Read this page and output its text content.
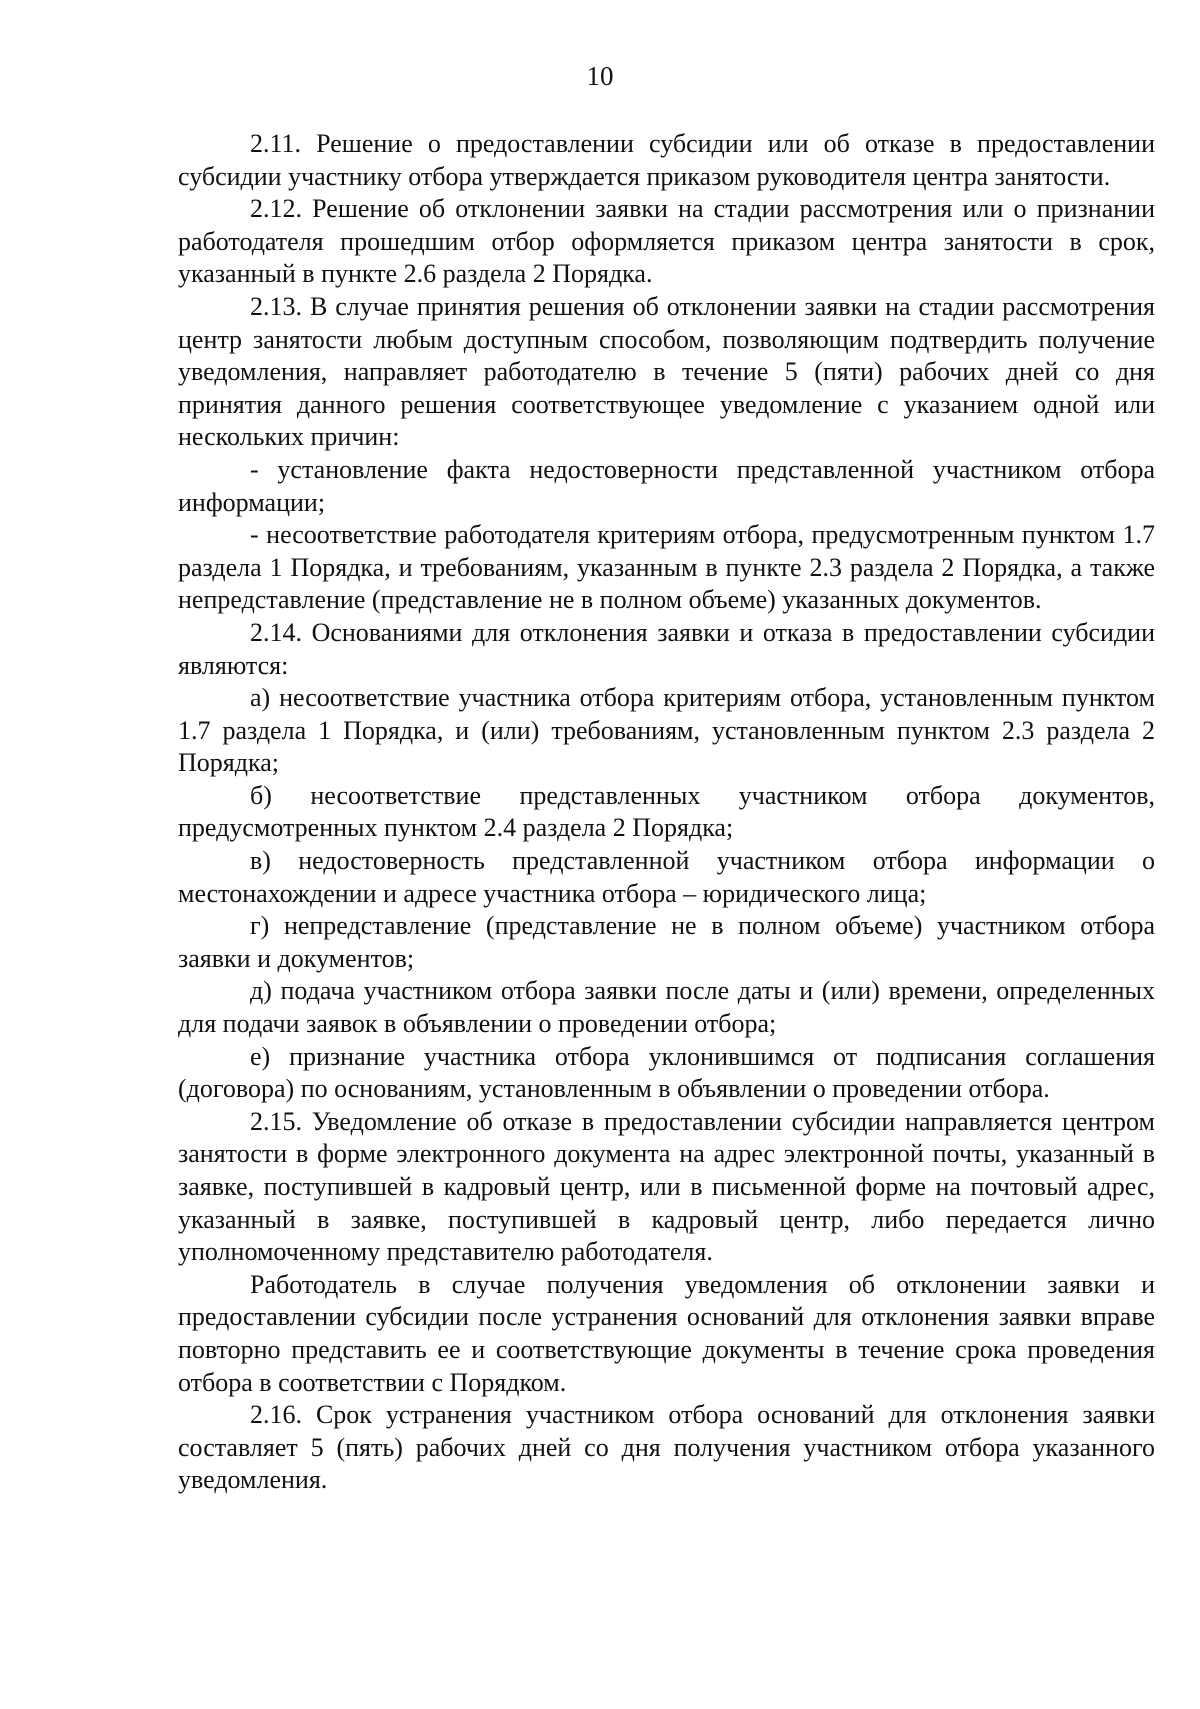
10

2.11. Решение о предоставлении субсидии или об отказе в предоставлении субсидии участнику отбора утверждается приказом руководителя центра занятости.

2.12. Решение об отклонении заявки на стадии рассмотрения или о признании работодателя прошедшим отбор оформляется приказом центра занятости в срок, указанный в пункте 2.6 раздела 2 Порядка.

2.13. В случае принятия решения об отклонении заявки на стадии рассмотрения центр занятости любым доступным способом, позволяющим подтвердить получение уведомления, направляет работодателю в течение 5 (пяти) рабочих дней со дня принятия данного решения соответствующее уведомление с указанием одной или нескольких причин:

- установление факта недостоверности представленной участником отбора информации;

- несоответствие работодателя критериям отбора, предусмотренным пунктом 1.7 раздела 1 Порядка, и требованиям, указанным в пункте 2.3 раздела 2 Порядка, а также непредставление (представление не в полном объеме) указанных документов.

2.14. Основаниями для отклонения заявки и отказа в предоставлении субсидии являются:

а) несоответствие участника отбора критериям отбора, установленным пунктом 1.7 раздела 1 Порядка, и (или) требованиям, установленным пунктом 2.3 раздела 2 Порядка;

б) несоответствие представленных участником отбора документов, предусмотренных пунктом 2.4 раздела 2 Порядка;

в) недостоверность представленной участником отбора информации о местонахождении и адресе участника отбора – юридического лица;

г) непредставление (представление не в полном объеме) участником отбора заявки и документов;

д) подача участником отбора заявки после даты и (или) времени, определенных для подачи заявок в объявлении о проведении отбора;

е) признание участника отбора уклонившимся от подписания соглашения (договора) по основаниям, установленным в объявлении о проведении отбора.

2.15. Уведомление об отказе в предоставлении субсидии направляется центром занятости в форме электронного документа на адрес электронной почты, указанный в заявке, поступившей в кадровый центр, или в письменной форме на почтовый адрес, указанный в заявке, поступившей в кадровый центр, либо передается лично уполномоченному представителю работодателя.

Работодатель в случае получения уведомления об отклонении заявки и предоставлении субсидии после устранения оснований для отклонения заявки вправе повторно представить ее и соответствующие документы в течение срока проведения отбора в соответствии с Порядком.

2.16. Срок устранения участником отбора оснований для отклонения заявки составляет 5 (пять) рабочих дней со дня получения участником отбора указанного уведомления.
